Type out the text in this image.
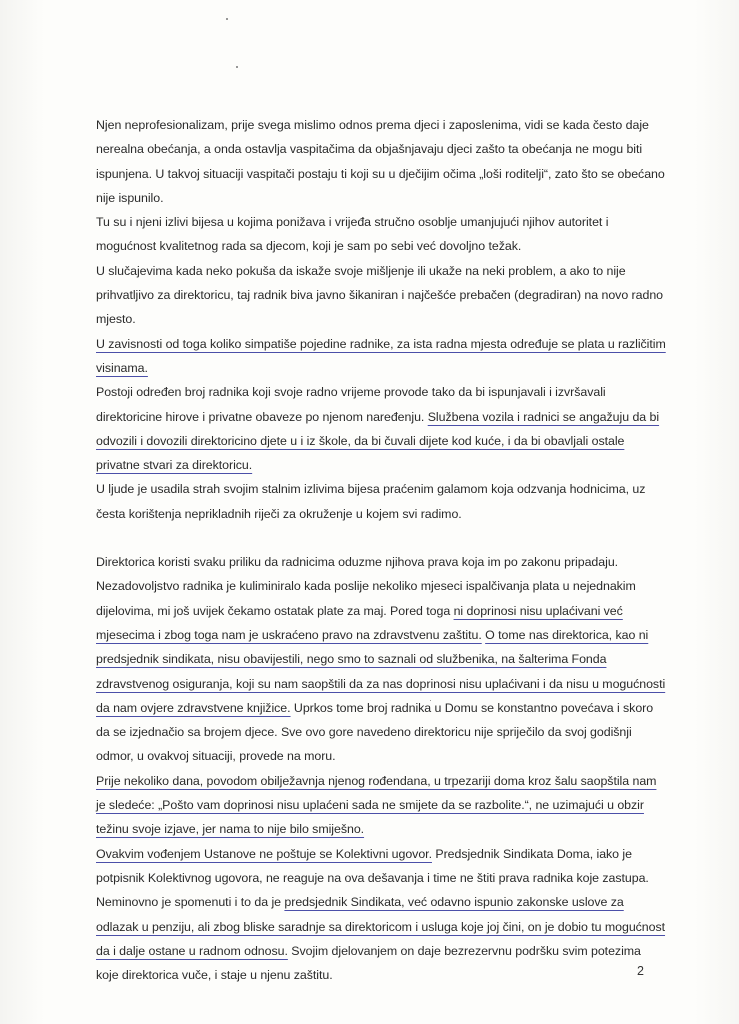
Njen neprofesionalizam, prije svega mislimo odnos prema djeci i zaposlenima, vidi se kada često daje nerealna obećanja, a onda ostavlja vaspitačima da objašnjavaju djeci zašto ta obećanja ne mogu biti ispunjena. U takvoj situaciji vaspitači postaju ti koji su u dječijim očima „loši roditelji“, zato što se obećano nije ispunilo.

Tu su i njeni izlivi bijesa u kojima ponižava i vrijeđa stručno osoblje umanjujući njihov autoritet i mogućnost kvalitetnog rada sa djecom, koji je sam po sebi već dovoljno težak.

U slučajevima kada neko pokuša da iskaže svoje mišljenje ili ukaže na neki problem, a ako to nije prihvatljivo za direktoricu, taj radnik biva javno šikaniran i najčešće prebačen (degradiran) na novo radno mjesto.

U zavisnosti od toga koliko simpatiše pojedine radnike, za ista radna mjesta određuje se plata u različitim visinama.

Postoji određen broj radnika koji svoje radno vrijeme provode tako da bi ispunjavali i izvršavali direktoricine hirove i privatne obaveze po njenom naređenju. Službena vozila i radnici se angažuju da bi odvozili i dovozili direktoricino djete u i iz škole, da bi čuvali dijete kod kuće, i da bi obavljali ostale privatne stvari za direktoricu.

U ljude je usadila strah svojim stalnim izlivima bijesa praćenim galamom koja odzvanja hodnicima, uz česta korištenja neprikladnih riječi za okruženje u kojem svi radimo.

Direktorica koristi svaku priliku da radnicima oduzme njihova prava koja im po zakonu pripadaju. Nezadovoljstvo radnika je kuliminiralo kada poslije nekoliko mjeseci ispalčivanja plata u nejednakim dijelovima, mi još uvijek čekamo ostatak plate za maj. Pored toga ni doprinosi nisu uplaćivani već mjesecima i zbog toga nam je uskraćeno pravo na zdravstvenu zaštitu. O tome nas direktorica, kao ni predsjednik sindikata, nisu obavijestili, nego smo to saznali od službenika, na šalterima Fonda zdravstvenog osiguranja, koji su nam saopštili da za nas doprinosi nisu uplaćivani i da nisu u mogućnosti da nam ovjere zdravstvene knjižice. Uprkos tome broj radnika u Domu se konstantno povećava i skoro da se izjednačio sa brojem djece. Sve ovo gore navedeno direktoricu nije spriječilo da svoj godišnji odmor, u ovakvoj situaciji, provede na moru.

Prije nekoliko dana, povodom obilježavnja njenog rođendana, u trpezariji doma kroz šalu saopštila nam je sledeće: „Pošto vam doprinosi nisu uplaćeni sada ne smijete da se razbolite.“, ne uzimajući u obzir težinu svoje izjave, jer nama to nije bilo smiješno.

Ovakvim vođenjem Ustanove ne poštuje se Kolektivni ugovor. Predsjednik Sindikata Doma, iako je potpisnik Kolektivnog ugovora, ne reaguje na ova dešavanja i time ne štiti prava radnika koje zastupa. Neminovno je spomenuti i to da je predsjednik Sindikata, već odavno ispunio zakonske uslove za odlazak u penziju, ali zbog bliske saradnje sa direktoricom i usluga koje joj čini, on je dobio tu mogućnost da i dalje ostane u radnom odnosu. Svojim djelovanjem on daje bezrezervnu podršku svim potezima koje direktorica vuče, i staje u njenu zaštitu.	2
